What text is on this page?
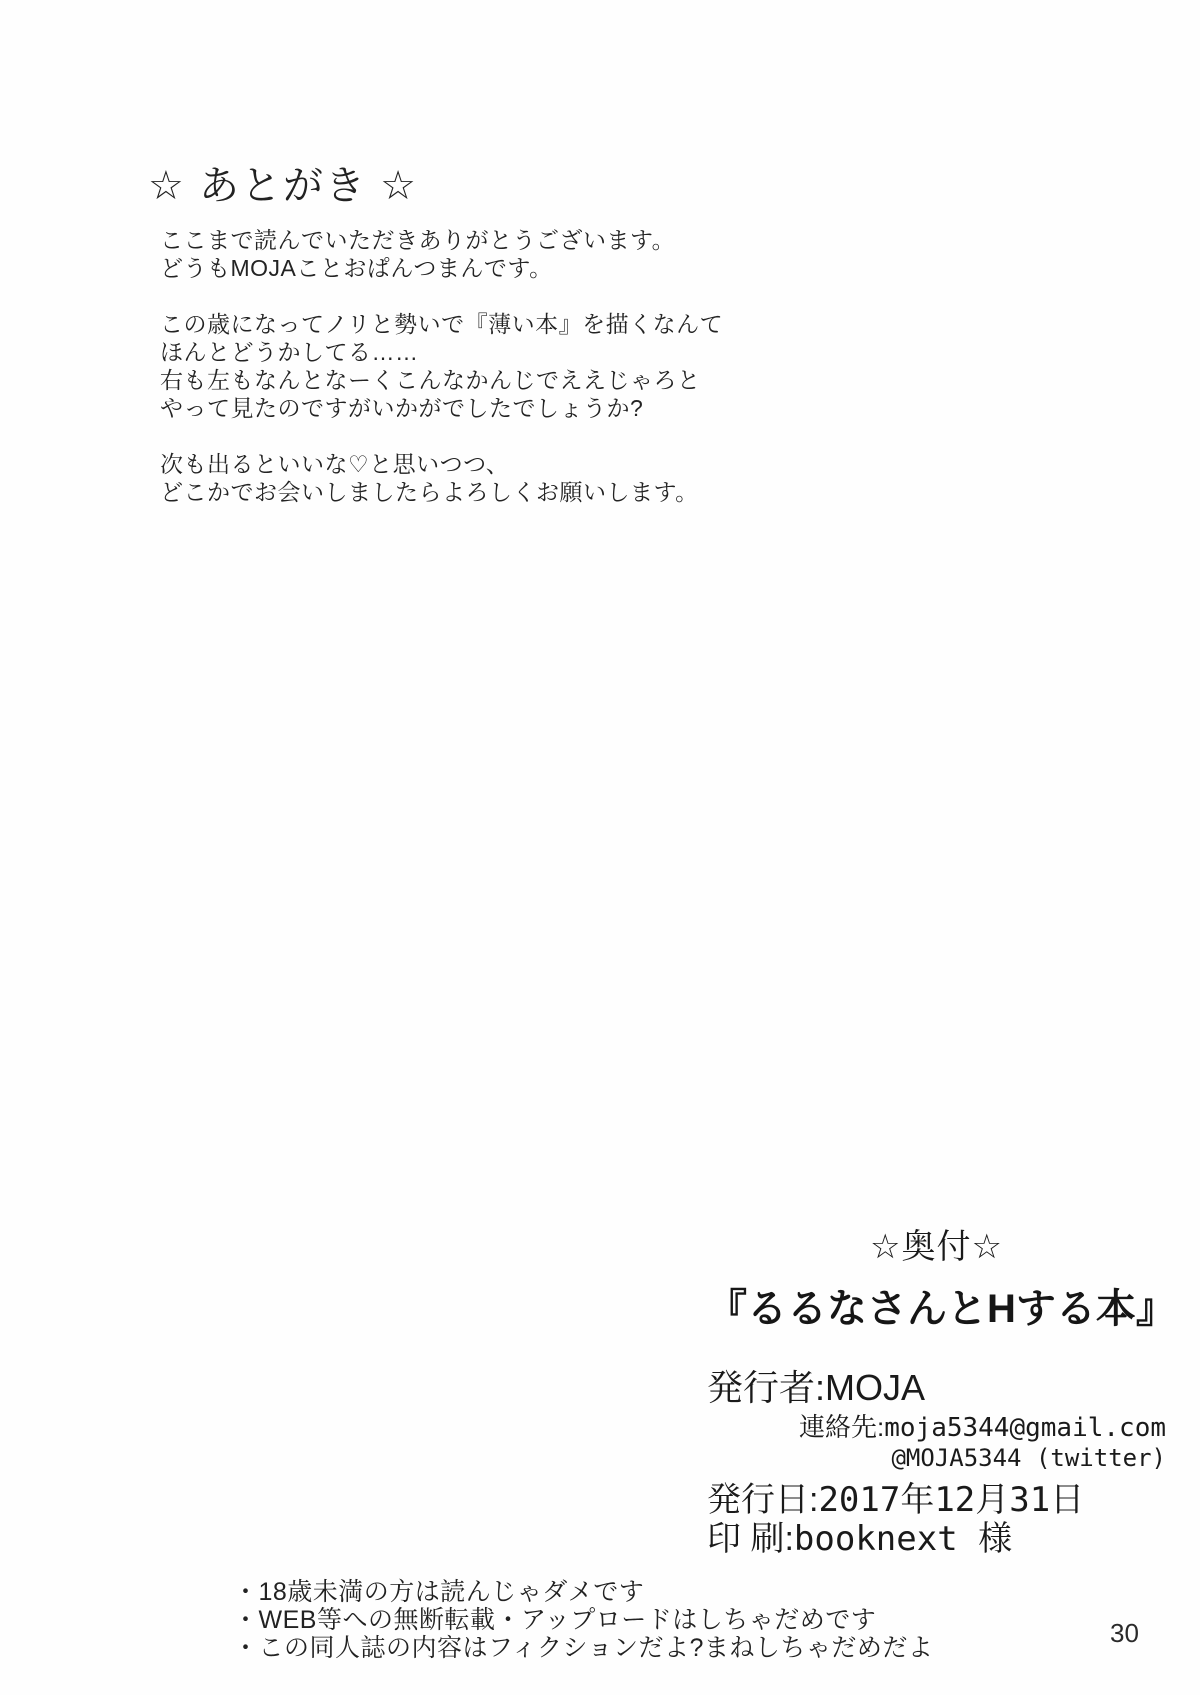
☆ あとがき ☆
ここまで読んでいただきありがとうございます。
どうもMOJAことおぱんつまんです。
この歳になってノリと勢いで『薄い本』を描くなんて
ほんとどうかしてる……
右も左もなんとなーくこんなかんじでええじゃろと
やって見たのですがいかがでしたでしょうか?
次も出るといいな♡と思いつつ、
どこかでお会いしましたらよろしくお願いします。
☆奥付☆
『るるなさんとHする本』
発行者:MOJA
連絡先:moja5344@gmail.com
@MOJA5344 (twitter)
発行日:2017年12月31日
印 刷:booknext 様
・18歳未満の方は読んじゃダメです
・WEB等への無断転載・アップロードはしちゃだめです
・この同人誌の内容はフィクションだよ?まねしちゃだめだよ	30
